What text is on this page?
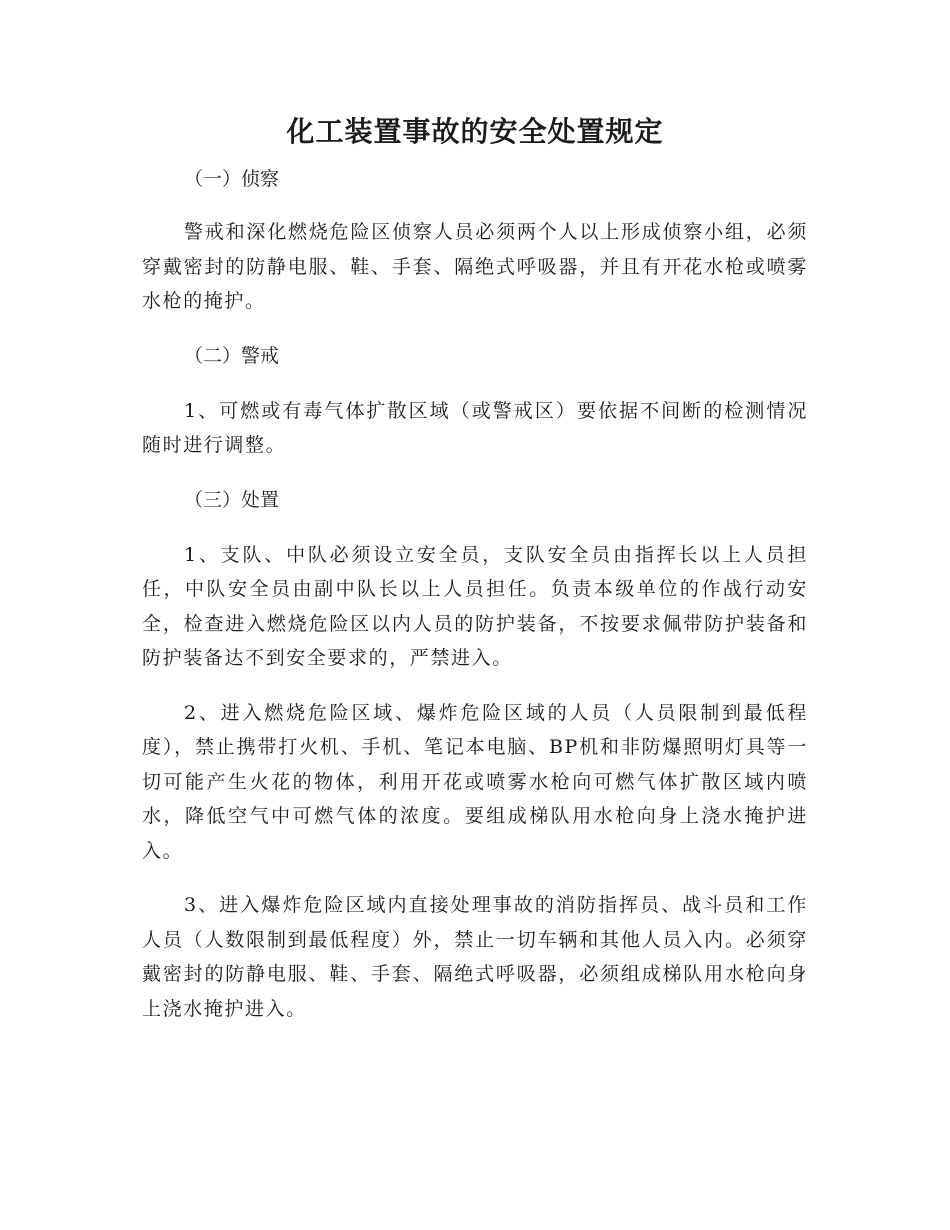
化工装置事故的安全处置规定

（一）侦察

警戒和深化燃烧危险区侦察人员必须两个人以上形成侦察小组，必须穿戴密封的防静电服、鞋、手套、隔绝式呼吸器，并且有开花水枪或喷雾水枪的掩护。

（二）警戒

1、可燃或有毒气体扩散区域（或警戒区）要依据不间断的检测情况随时进行调整。

（三）处置

1、支队、中队必须设立安全员，支队安全员由指挥长以上人员担任，中队安全员由副中队长以上人员担任。负责本级单位的作战行动安全，检查进入燃烧危险区以内人员的防护装备，不按要求佩带防护装备和防护装备达不到安全要求的，严禁进入。

2、进入燃烧危险区域、爆炸危险区域的人员（人员限制到最低程度），禁止携带打火机、手机、笔记本电脑、BP机和非防爆照明灯具等一切可能产生火花的物体，利用开花或喷雾水枪向可燃气体扩散区域内喷水，降低空气中可燃气体的浓度。要组成梯队用水枪向身上浇水掩护进入。

3、进入爆炸危险区域内直接处理事故的消防指挥员、战斗员和工作人员（人数限制到最低程度）外，禁止一切车辆和其他人员入内。必须穿戴密封的防静电服、鞋、手套、隔绝式呼吸器，必须组成梯队用水枪向身上浇水掩护进入。
